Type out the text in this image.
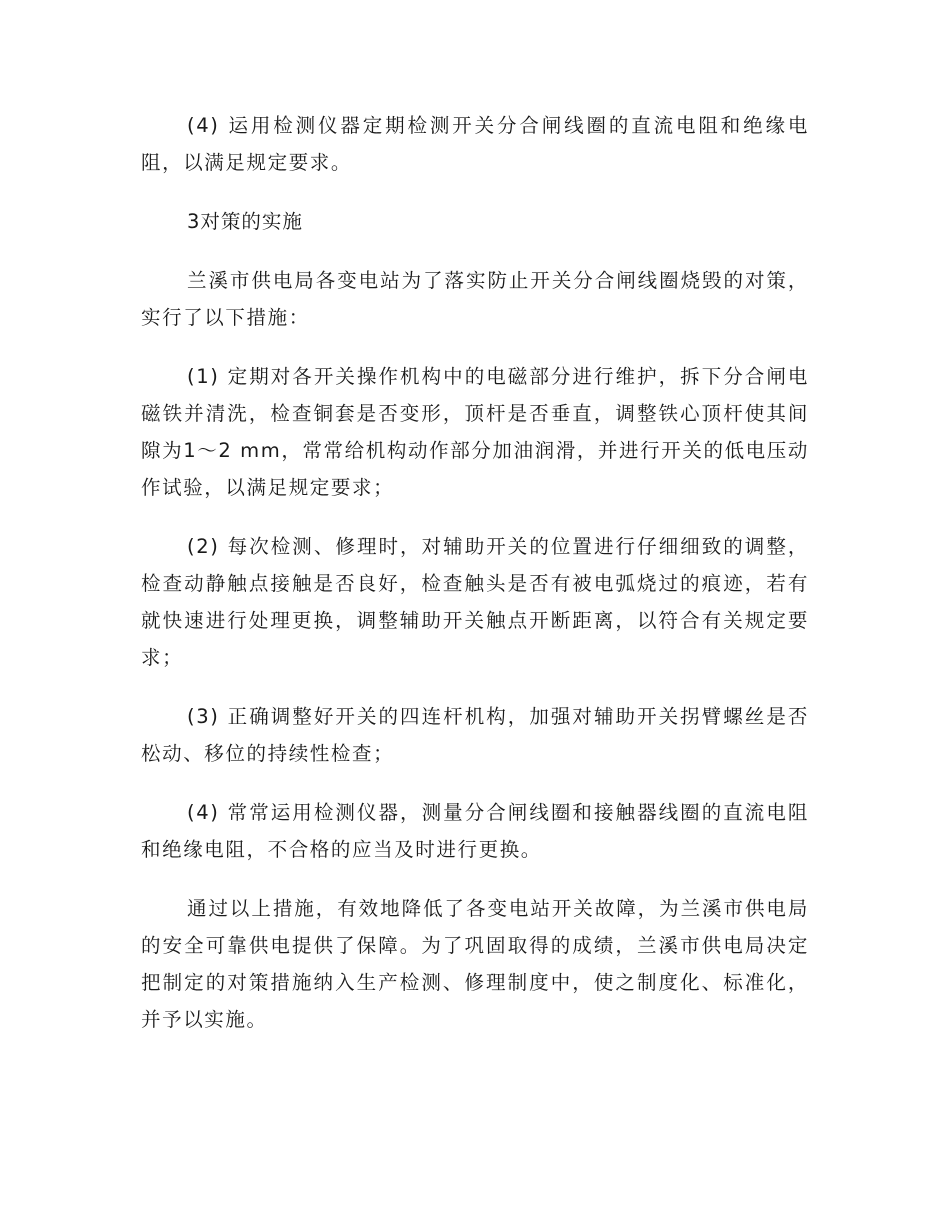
(4) 运用检测仪器定期检测开关分合闸线圈的直流电阻和绝缘电阻，以满足规定要求。

3对策的实施

兰溪市供电局各变电站为了落实防止开关分合闸线圈烧毁的对策，实行了以下措施：

(1) 定期对各开关操作机构中的电磁部分进行维护，拆下分合闸电磁铁并清洗，检查铜套是否变形，顶杆是否垂直，调整铁心顶杆使其间隙为1～2 mm，常常给机构动作部分加油润滑，并进行开关的低电压动作试验，以满足规定要求；

(2) 每次检测、修理时，对辅助开关的位置进行仔细细致的调整，检查动静触点接触是否良好，检查触头是否有被电弧烧过的痕迹，若有就快速进行处理更换，调整辅助开关触点开断距离，以符合有关规定要求；

(3) 正确调整好开关的四连杆机构，加强对辅助开关拐臂螺丝是否松动、移位的持续性检查；

(4) 常常运用检测仪器，测量分合闸线圈和接触器线圈的直流电阻和绝缘电阻，不合格的应当及时进行更换。

通过以上措施，有效地降低了各变电站开关故障，为兰溪市供电局的安全可靠供电提供了保障。为了巩固取得的成绩，兰溪市供电局决定把制定的对策措施纳入生产检测、修理制度中，使之制度化、标准化，并予以实施。
